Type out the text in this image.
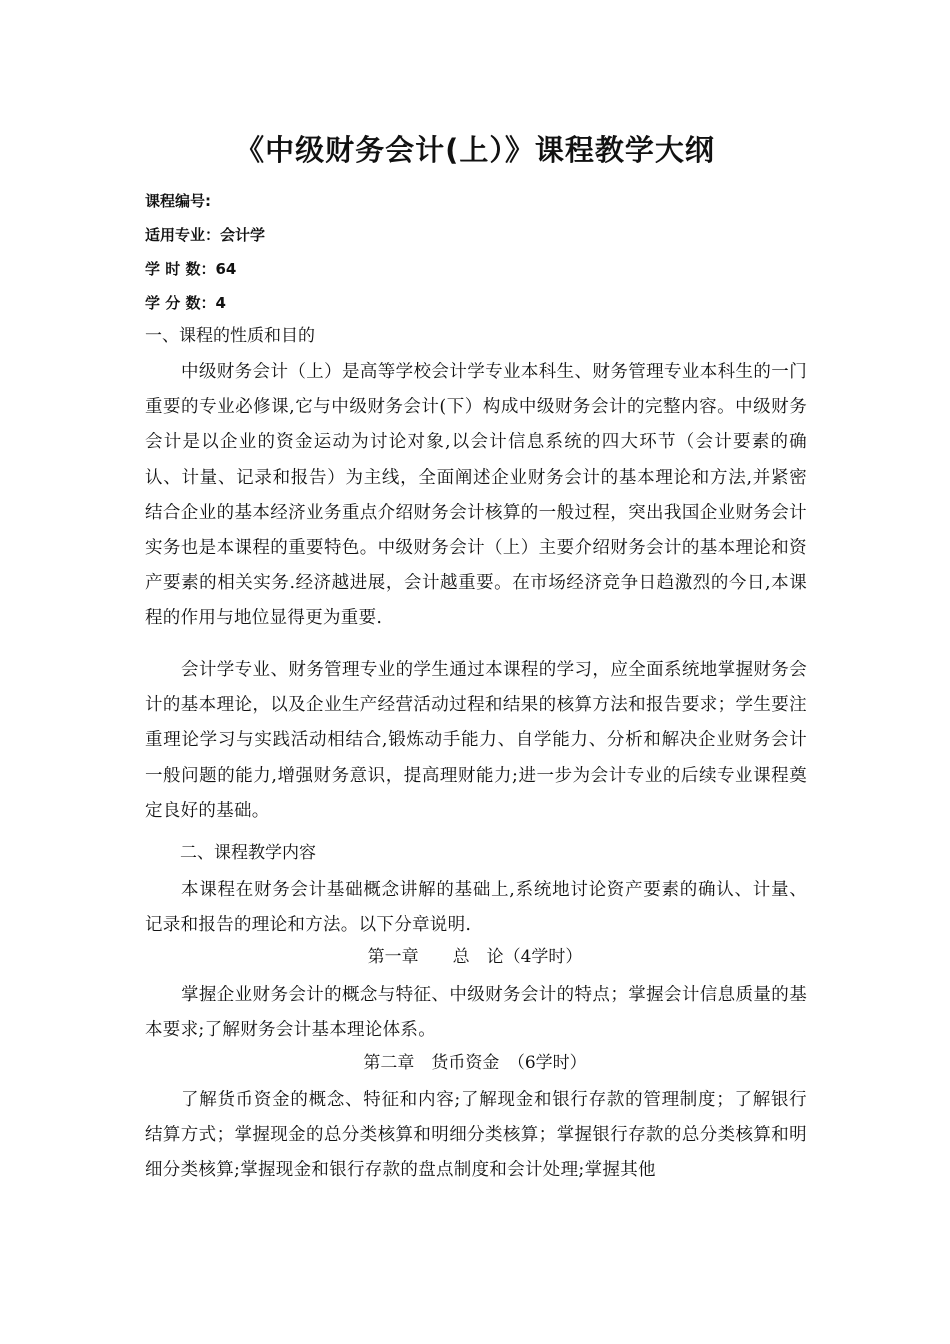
《中级财务会计(上）》课程教学大纲
课程编号:
适用专业：会计学
学 时 数：64
学 分 数：4
一、课程的性质和目的
中级财务会计（上）是高等学校会计学专业本科生、财务管理专业本科生的一门重要的专业必修课,它与中级财务会计(下）构成中级财务会计的完整内容。中级财务会计是以企业的资金运动为讨论对象,以会计信息系统的四大环节（会计要素的确认、计量、记录和报告）为主线，全面阐述企业财务会计的基本理论和方法,并紧密结合企业的基本经济业务重点介绍财务会计核算的一般过程，突出我国企业财务会计实务也是本课程的重要特色。中级财务会计（上）主要介绍财务会计的基本理论和资产要素的相关实务.经济越进展，会计越重要。在市场经济竞争日趋激烈的今日,本课程的作用与地位显得更为重要.
会计学专业、财务管理专业的学生通过本课程的学习，应全面系统地掌握财务会计的基本理论，以及企业生产经营活动过程和结果的核算方法和报告要求；学生要注重理论学习与实践活动相结合,锻炼动手能力、自学能力、分析和解决企业财务会计一般问题的能力,增强财务意识，提高理财能力;进一步为会计专业的后续专业课程奠定良好的基础。
二、课程教学内容
本课程在财务会计基础概念讲解的基础上,系统地讨论资产要素的确认、计量、记录和报告的理论和方法。以下分章说明.
第一章　　总　论（4学时）
掌握企业财务会计的概念与特征、中级财务会计的特点；掌握会计信息质量的基本要求;了解财务会计基本理论体系。
第二章　货币资金　（6学时）
了解货币资金的概念、特征和内容;了解现金和银行存款的管理制度；了解银行结算方式；掌握现金的总分类核算和明细分类核算；掌握银行存款的总分类核算和明细分类核算;掌握现金和银行存款的盘点制度和会计处理;掌握其他
